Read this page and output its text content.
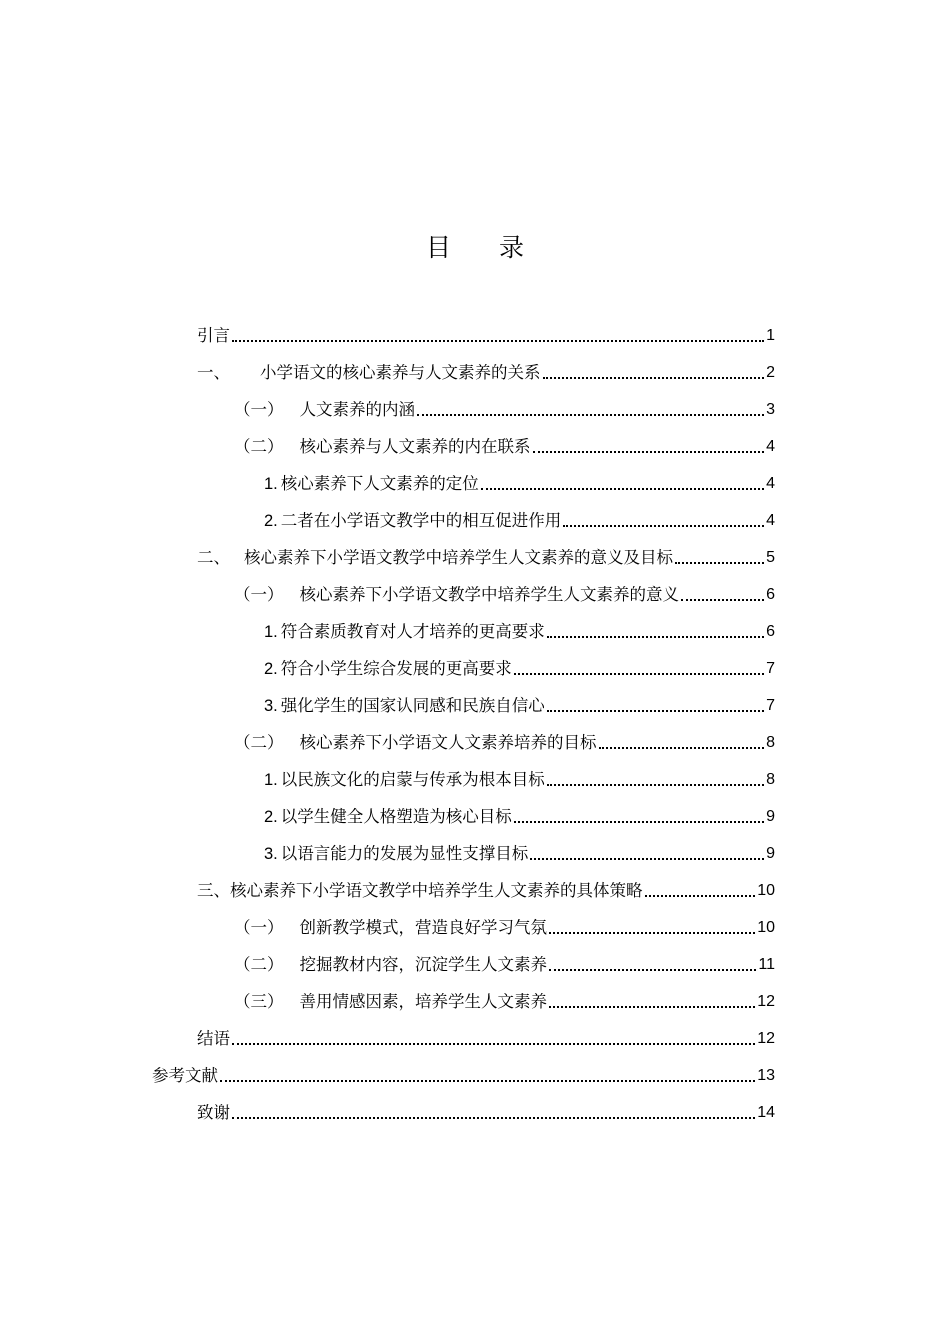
目 录
引言	1
一、 小学语文的核心素养与人文素养的关系	2
（一） 人文素养的内涵	3
（二） 核心素养与人文素养的内在联系	4
1. 核心素养下人文素养的定位	4
2. 二者在小学语文教学中的相互促进作用	4
二、 核心素养下小学语文教学中培养学生人文素养的意义及目标	5
（一） 核心素养下小学语文教学中培养学生人文素养的意义	6
1. 符合素质教育对人才培养的更高要求	6
2. 符合小学生综合发展的更高要求	7
3. 强化学生的国家认同感和民族自信心	7
（二） 核心素养下小学语文人文素养培养的目标	8
1. 以民族文化的启蒙与传承为根本目标	8
2. 以学生健全人格塑造为核心目标	9
3. 以语言能力的发展为显性支撑目标	9
三、核心素养下小学语文教学中培养学生人文素养的具体策略	10
（一） 创新教学模式，营造良好学习气氛	10
（二） 挖掘教材内容，沉淀学生人文素养	11
（三） 善用情感因素，培养学生人文素养	12
结语	12
参考文献	13
致谢	14
